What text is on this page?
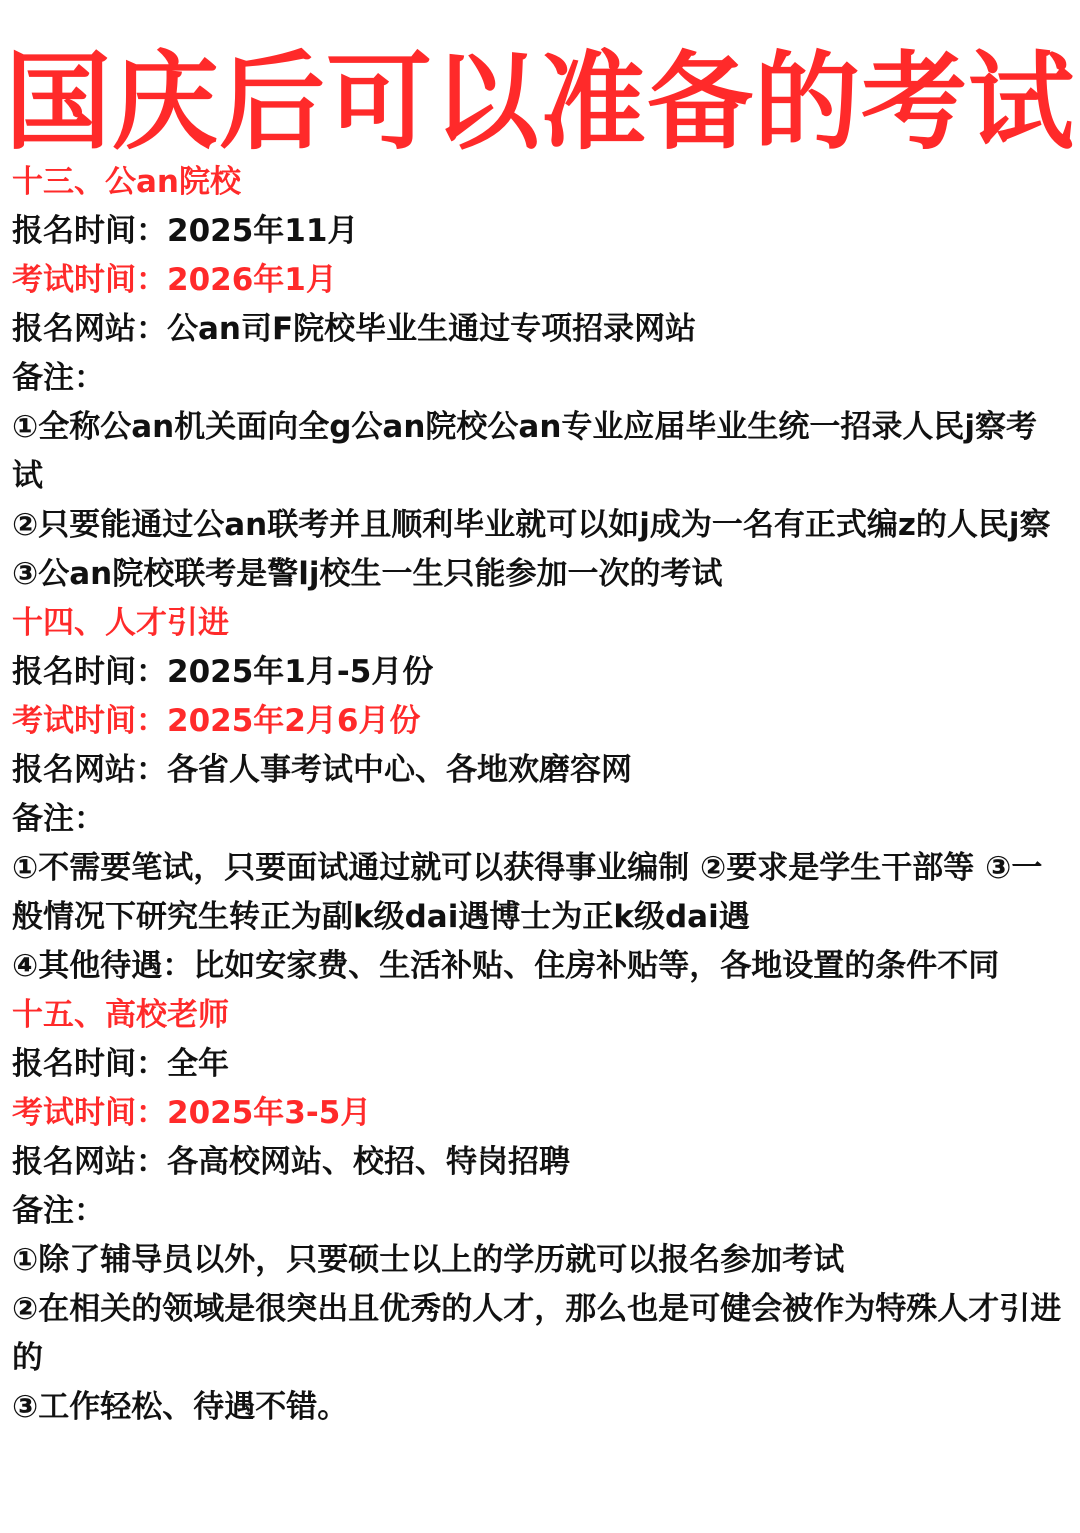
国庆后可以准备的考试
十三、公an院校
报名时间：2025年11月
考试时间：2026年1月
报名网站：公an司F院校毕业生通过专项招录网站
备注：
①全称公an机关面向全g公an院校公an专业应届毕业生统一招录人民j察考试
②只要能通过公an联考并且顺利毕业就可以如j成为一名有正式编z的人民j察
③公an院校联考是警lj校生一生只能参加一次的考试
十四、人才引进
报名时间：2025年1月-5月份
考试时间：2025年2月6月份
报名网站：各省人事考试中心、各地欢磨容网
备注：
①不需要笔试，只要面试通过就可以获得事业编制 ②要求是学生干部等 ③一般情况下研究生转正为副k级dai遇博士为正k级dai遇
④其他待遇：比如安家费、生活补贴、住房补贴等，各地设置的条件不同
十五、高校老师
报名时间：全年
考试时间：2025年3-5月
报名网站：各高校网站、校招、特岗招聘
备注：
①除了辅导员以外，只要硕士以上的学历就可以报名参加考试
②在相关的领域是很突出且优秀的人才，那么也是可健会被作为特殊人才引进的
③工作轻松、待遇不错。
